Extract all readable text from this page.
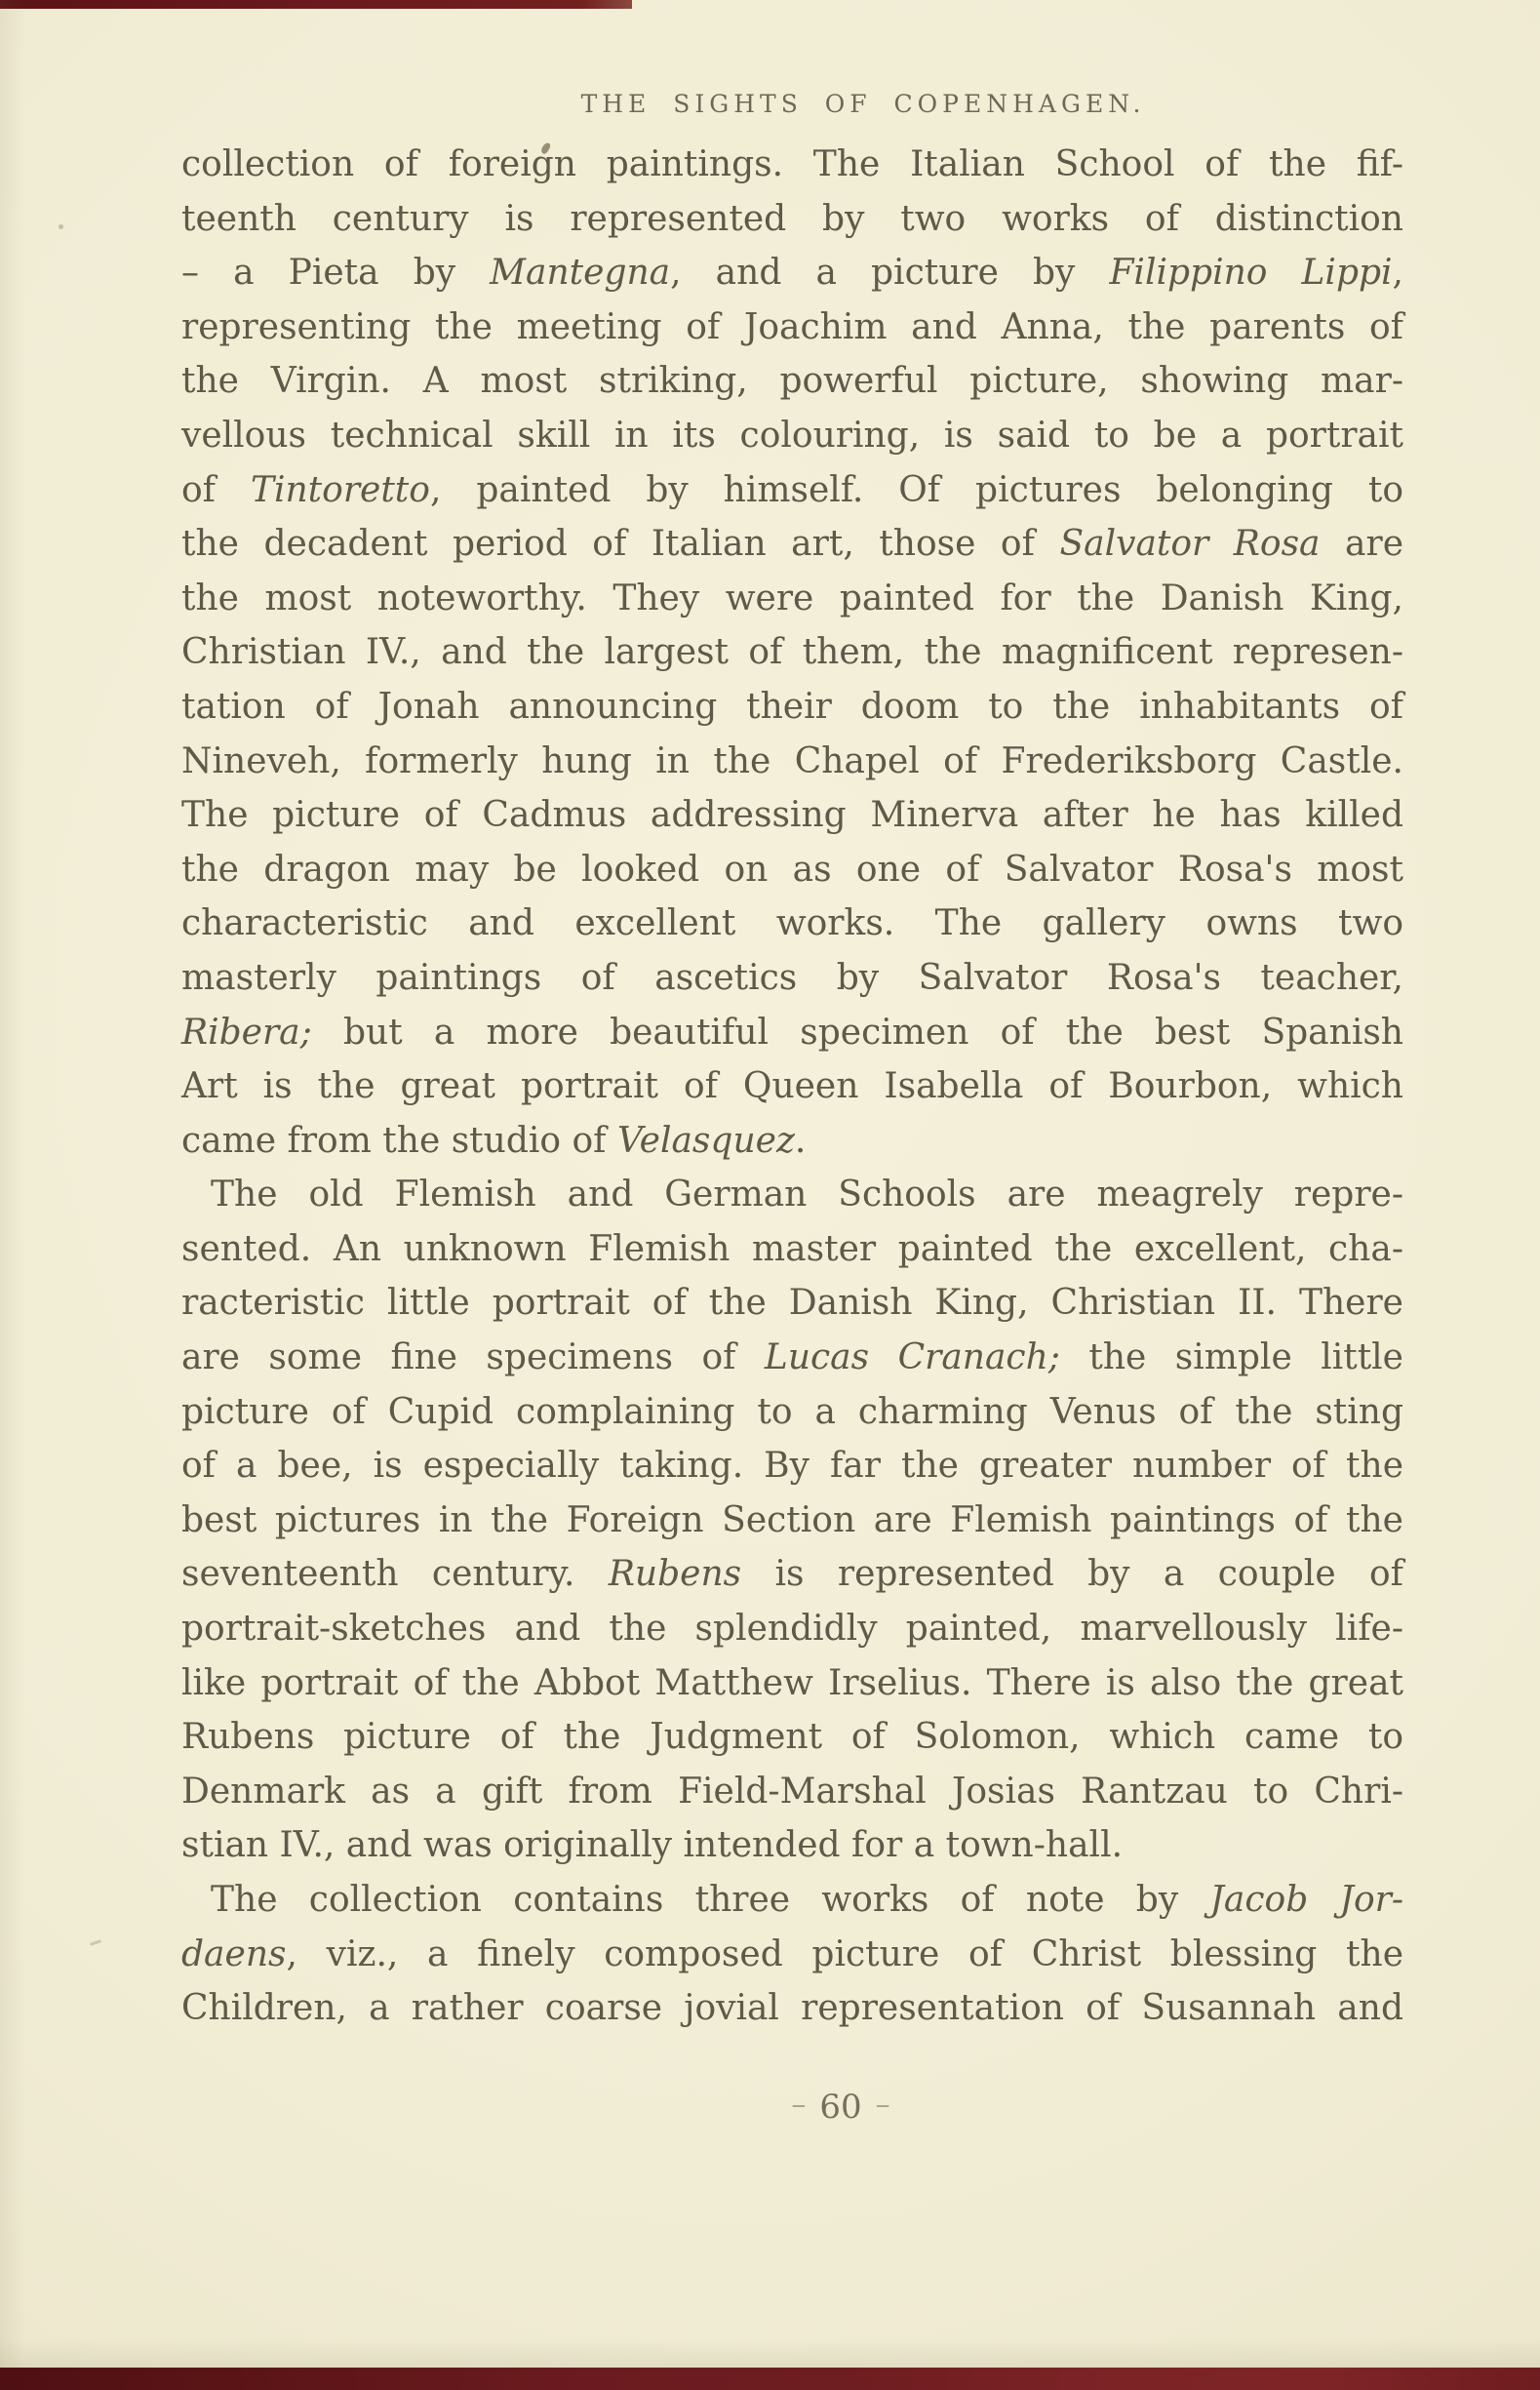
THE SIGHTS OF COPENHAGEN.
collection of foreign paintings. The Italian School of the fif-
teenth century is represented by two works of distinction
– a Pieta by Mantegna, and a picture by Filippino Lippi,
representing the meeting of Joachim and Anna, the parents of
the Virgin. A most striking, powerful picture, showing mar-
vellous technical skill in its colouring, is said to be a portrait
of Tintoretto, painted by himself. Of pictures belonging to
the decadent period of Italian art, those of Salvator Rosa are
the most noteworthy. They were painted for the Danish King,
Christian IV., and the largest of them, the magnificent represen-
tation of Jonah announcing their doom to the inhabitants of
Nineveh, formerly hung in the Chapel of Frederiksborg Castle.
The picture of Cadmus addressing Minerva after he has killed
the dragon may be looked on as one of Salvator Rosa's most
characteristic and excellent works. The gallery owns two
masterly paintings of ascetics by Salvator Rosa's teacher,
Ribera; but a more beautiful specimen of the best Spanish
Art is the great portrait of Queen Isabella of Bourbon, which
came from the studio of Velasquez.
The old Flemish and German Schools are meagrely repre-
sented. An unknown Flemish master painted the excellent, cha-
racteristic little portrait of the Danish King, Christian II. There
are some fine specimens of Lucas Cranach; the simple little
picture of Cupid complaining to a charming Venus of the sting
of a bee, is especially taking. By far the greater number of the
best pictures in the Foreign Section are Flemish paintings of the
seventeenth century. Rubens is represented by a couple of
portrait-sketches and the splendidly painted, marvellously life-
like portrait of the Abbot Matthew Irselius. There is also the great
Rubens picture of the Judgment of Solomon, which came to
Denmark as a gift from Field-Marshal Josias Rantzau to Chri-
stian IV., and was originally intended for a town-hall.
The collection contains three works of note by Jacob Jor-
daens, viz., a finely composed picture of Christ blessing the
Children, a rather coarse jovial representation of Susannah and
– 60 –
